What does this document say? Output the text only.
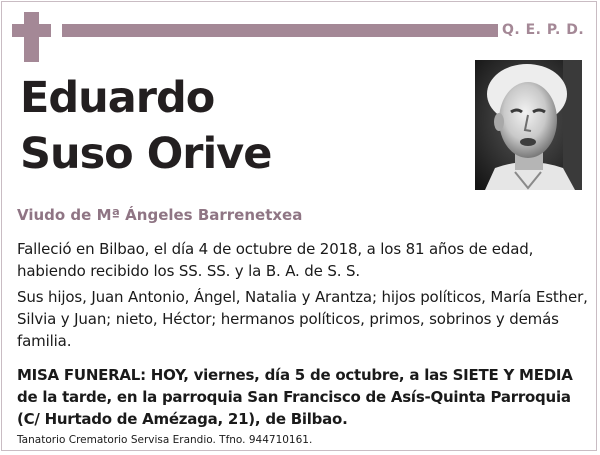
Q. E. P. D.
Eduardo
Suso Orive
Viudo de Mª Ángeles Barrenetxea
Falleció en Bilbao, el día 4 de octubre de 2018, a los 81 años de edad, habiendo recibido los SS. SS. y la B. A. de S. S.
Sus hijos, Juan Antonio, Ángel, Natalia y Arantza; hijos políticos, María Esther, Silvia y Juan; nieto, Héctor; hermanos políticos, primos, sobrinos y demás familia.
MISA FUNERAL: HOY, viernes, día 5 de octubre, a las SIETE Y MEDIA de la tarde, en la parroquia San Francisco de Asís-Quinta Parroquia (C/ Hurtado de Amézaga, 21), de Bilbao.
Tanatorio Crematorio Servisa Erandio. Tfno. 944710161.
